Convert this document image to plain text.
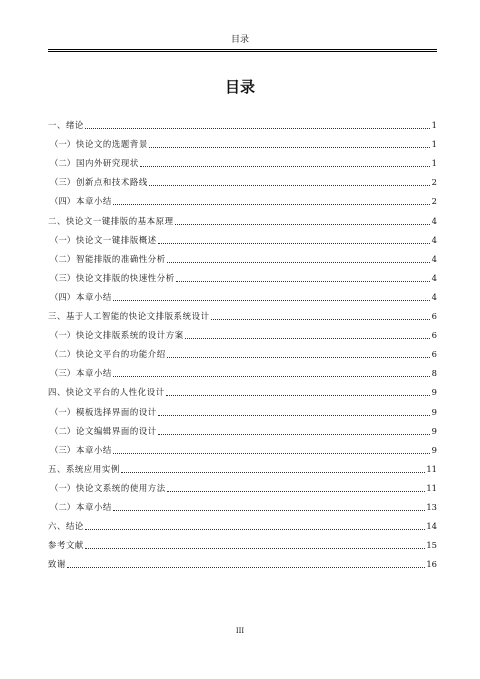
目录
目录
一、绪论	1
（一）快论文的选题背景	1
（二）国内外研究现状	1
（三）创新点和技术路线	2
（四）本章小结	2
二、快论文一键排版的基本原理	4
（一）快论文一键排版概述	4
（二）智能排版的准确性分析	4
（三）快论文排版的快速性分析	4
（四）本章小结	4
三、基于人工智能的快论文排版系统设计	6
（一）快论文排版系统的设计方案	6
（二）快论文平台的功能介绍	6
（三）本章小结	8
四、快论文平台的人性化设计	9
（一）模板选择界面的设计	9
（二）论文编辑界面的设计	9
（三）本章小结	9
五、系统应用实例	11
（一）快论文系统的使用方法	11
（二）本章小结	13
六、结论	14
参考文献	15
致谢	16
III
